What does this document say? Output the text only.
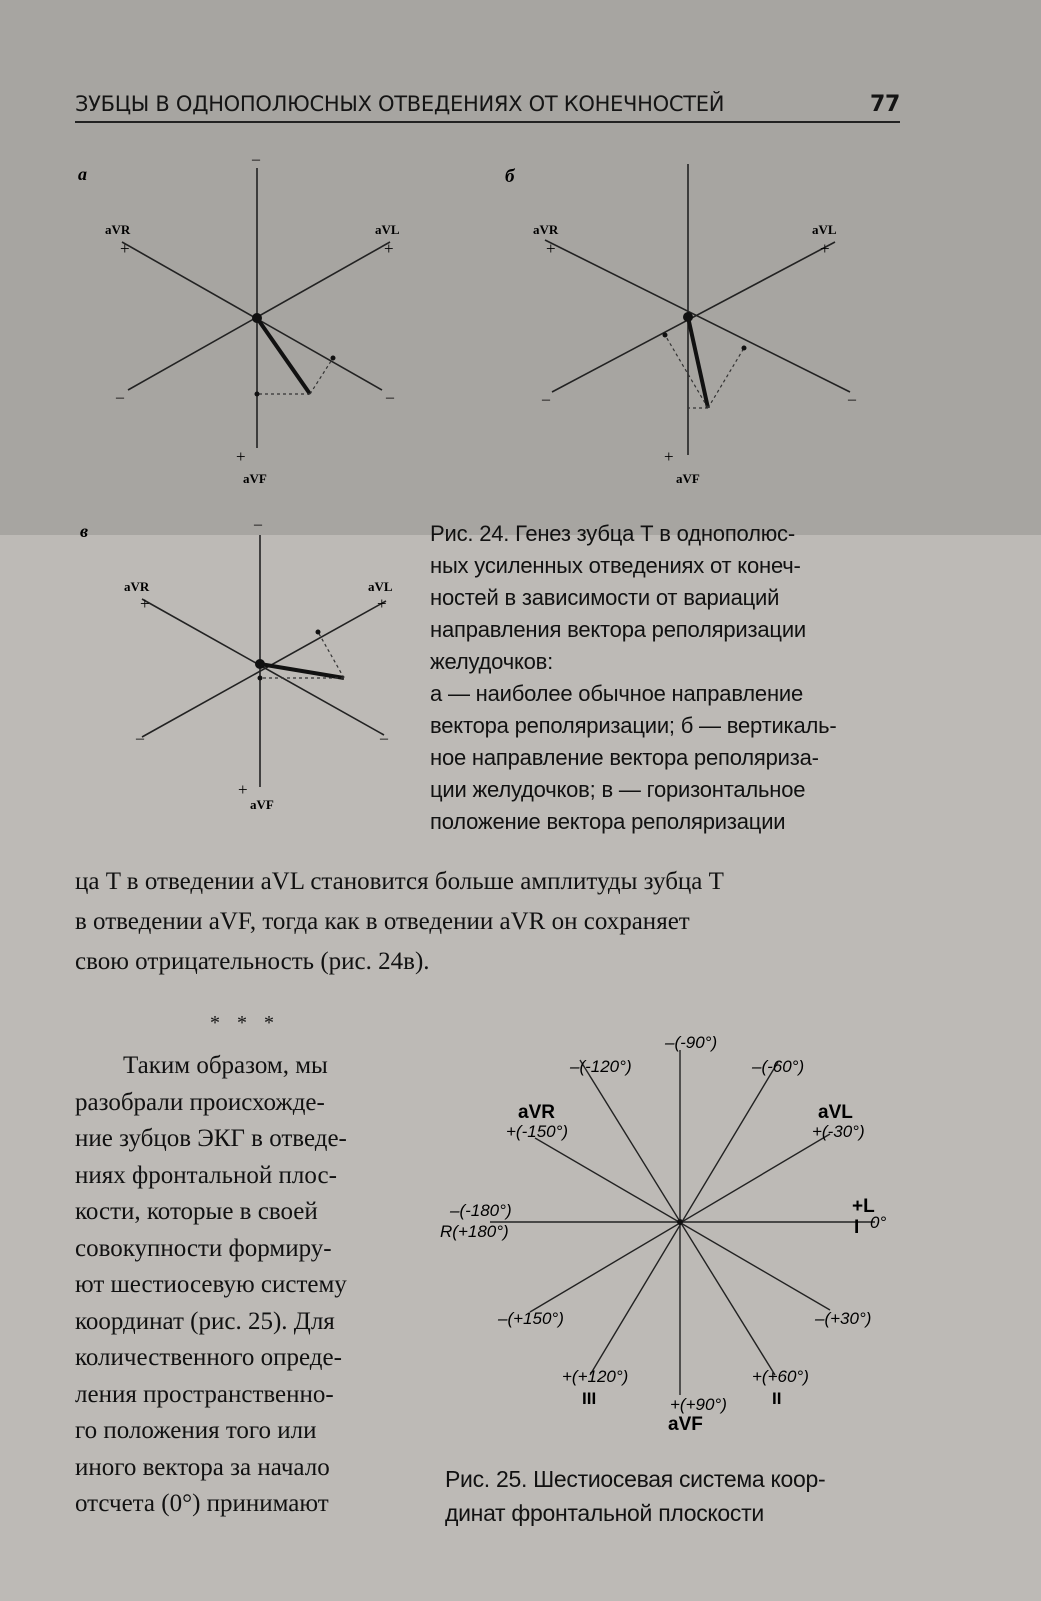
ЗУБЦЫ В ОДНОПОЛЮСНЫХ ОТВЕДЕНИЯХ ОТ КОНЕЧНОСТЕЙ	77
а
–
aVR
+
aVL
+
–	–
+
aVF
б
aVR
+
aVL
+
–	–
+
aVF
в	–
aVR
+
aVL
+
–	–
+
aVF

Рис. 24. Генез зубца Т в однополюс-

ных усиленных отведениях от конеч-

ностей в зависимости от вариаций

направления вектора реполяризации

желудочков:

а — наиболее обычное направление

вектора реполяризации; б — вертикаль-

ное направление вектора реполяриза-

ции желудочков; в — горизонтальное

положение вектора реполяризации

ца T в отведении aVL становится больше амплитуды зубца T

в отведении aVF, тогда как в отведении aVR он сохраняет

свою отрицательность (рис. 24в).

* * *

Таким образом, мы

разобрали происхожде-

ние зубцов ЭКГ в отведе-

ниях фронтальной плос-

кости, которые в своей

совокупности формиру-

ют шестиосевую систему

координат (рис. 25). Для

количественного опреде-

ления пространственно-

го положения того или

иного вектора за начало

отсчета (0°) принимают

–(-90°)
–(-120°)	–(-60°)
aVR
+(-150°)
aVL
+(-30°)
–(-180°)
R(+180°)
+L
I 0°
–(+150°)	–(+30°)
+(+120°)
III
+(+60°)
II
+(+90°)
aVF

Рис. 25. Шестиосевая система коор-

динат фронтальной плоскости
